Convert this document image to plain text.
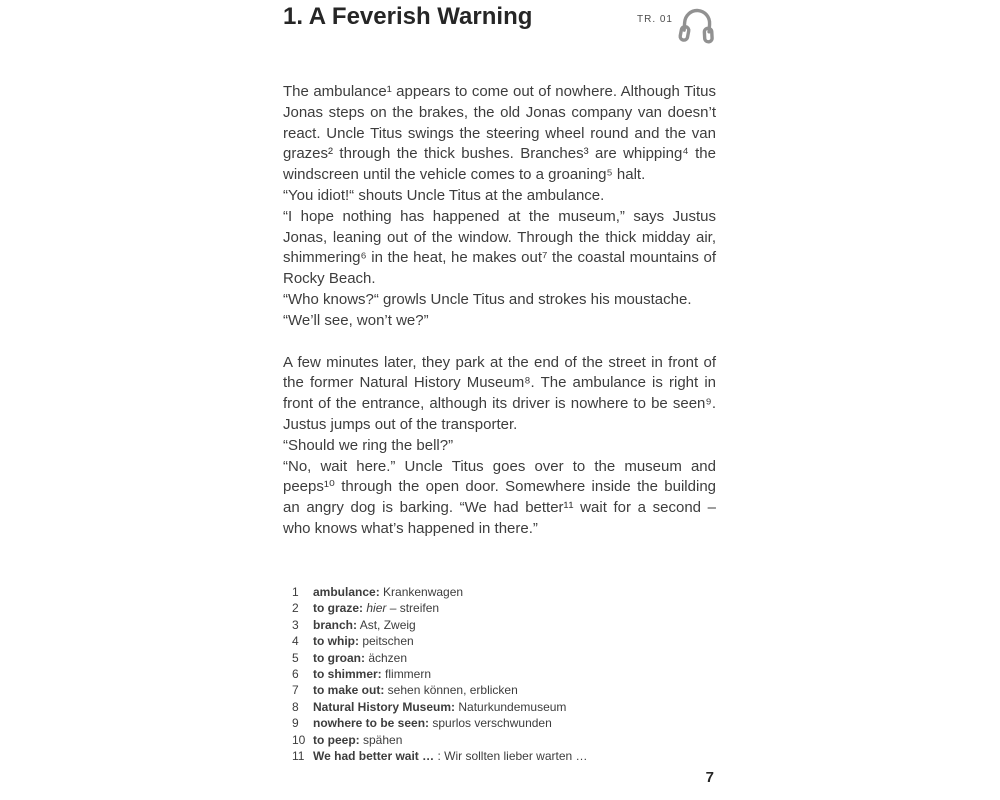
1. A Feverish Warning	TR. 01

The ambulance¹ appears to come out of nowhere. Although Titus Jonas steps on the brakes, the old Jonas company van doesn’t react. Uncle Titus swings the steering wheel round and the van grazes² through the thick bushes. Branches³ are whipping⁴ the windscreen until the vehicle comes to a groaning⁵ halt.

“You idiot!“ shouts Uncle Titus at the ambulance.

“I hope nothing has happened at the museum,” says Justus Jonas, leaning out of the window. Through the thick midday air, shimmering⁶ in the heat, he makes out⁷ the coastal mountains of Rocky Beach.

“Who knows?“ growls Uncle Titus and strokes his moustache.

“We’ll see, won’t we?”

A few minutes later, they park at the end of the street in front of the former Natural History Museum⁸. The ambulance is right in front of the entrance, although its driver is nowhere to be seen⁹. Justus jumps out of the transporter.

“Should we ring the bell?”

“No, wait here.” Uncle Titus goes over to the museum and peeps¹⁰ through the open door. Somewhere inside the building an angry dog is barking. “We had better¹¹ wait for a second – who knows what’s happened in there.”

1	ambulance: Krankenwagen
2	to graze: hier – streifen
3	branch: Ast, Zweig
4	to whip: peitschen
5	to groan: ächzen
6	to shimmer: flimmern
7	to make out: sehen können, erblicken
8	Natural History Museum: Naturkundemuseum
9	nowhere to be seen: spurlos verschwunden
10 to peep: spähen
11 We had better wait … : Wir sollten lieber warten …
7
